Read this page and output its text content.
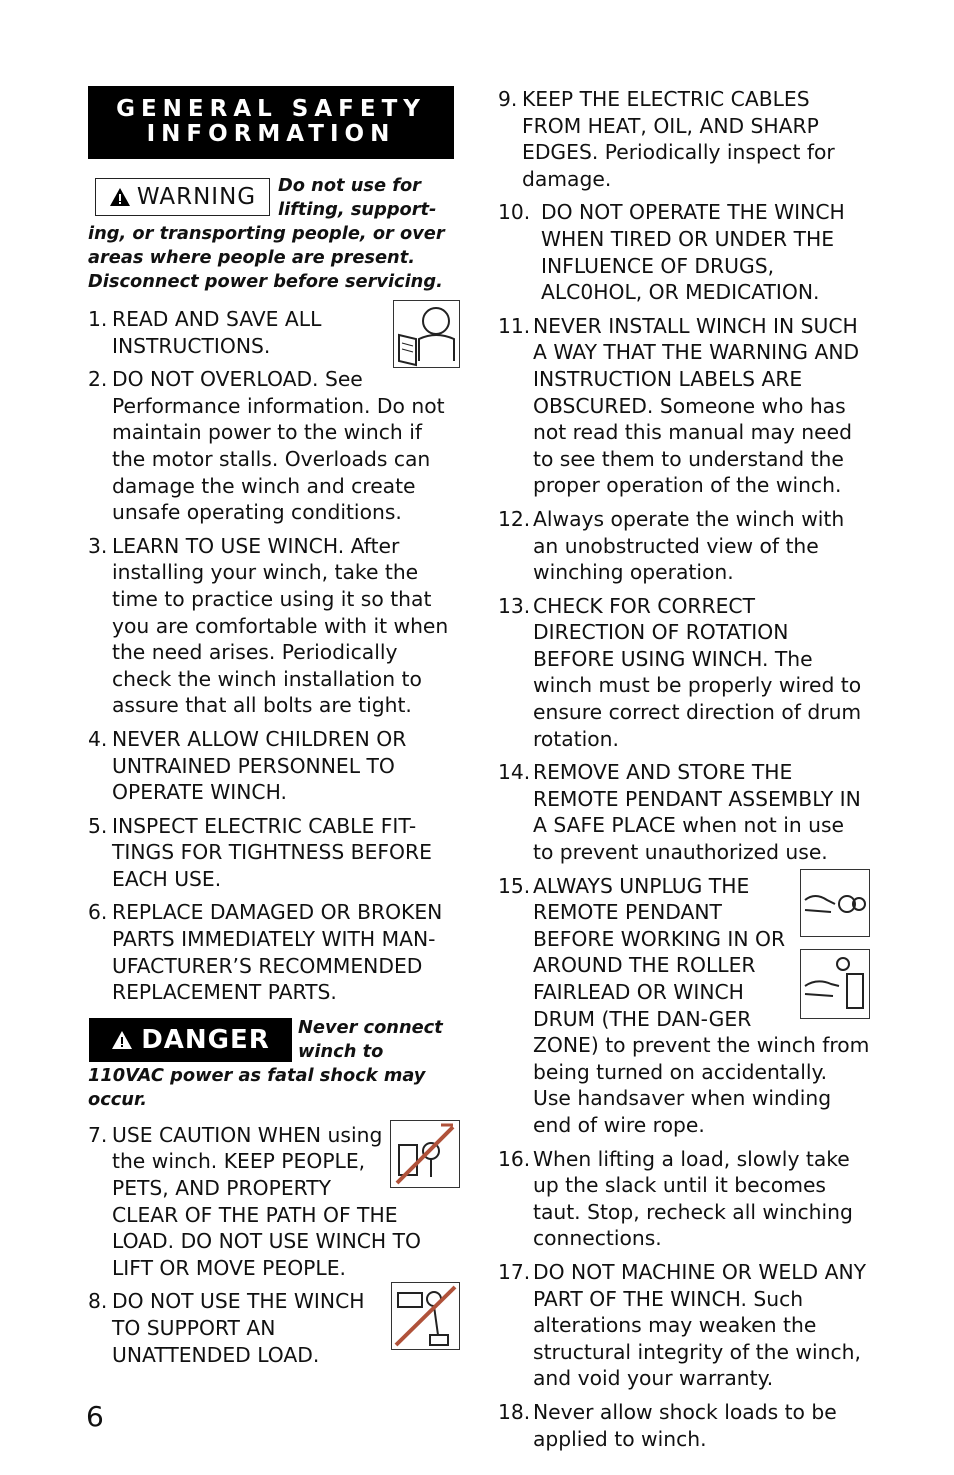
GENERAL SAFETY
INFORMATION
WARNING Do not use for lifting, support-ing, or transporting people, or over areas where people are present. Disconnect power before servicing.
1. READ AND SAVE ALL INSTRUCTIONS.
2. DO NOT OVERLOAD. See Performance information. Do not maintain power to the winch if the motor stalls. Overloads can damage the winch and create unsafe operating conditions.
3. LEARN TO USE WINCH. After installing your winch, take the time to practice using it so that you are comfortable with it when the need arises. Periodically check the winch installation to assure that all bolts are tight.
4. NEVER ALLOW CHILDREN OR UNTRAINED PERSONNEL TO OPERATE WINCH.
5. INSPECT ELECTRIC CABLE FIT-TINGS FOR TIGHTNESS BEFORE EACH USE.
6. REPLACE DAMAGED OR BROKEN PARTS IMMEDIATELY WITH MAN-UFACTURER’S RECOMMENDED REPLACEMENT PARTS.
DANGER Never connect winch to 110VAC power as fatal shock may occur.
7. USE CAUTION WHEN using the winch. KEEP PEOPLE, PETS, AND PROPERTY CLEAR OF THE PATH OF THE LOAD. DO NOT USE WINCH TO LIFT OR MOVE PEOPLE.
8. DO NOT USE THE WINCH TO SUPPORT AN UNATTENDED LOAD.
9. KEEP THE ELECTRIC CABLES FROM HEAT, OIL, AND SHARP EDGES. Periodically inspect for damage.
10. DO NOT OPERATE THE WINCH WHEN TIRED OR UNDER THE INFLUENCE OF DRUGS, ALC0HOL, OR MEDICATION.
11. NEVER INSTALL WINCH IN SUCH A WAY THAT THE WARNING AND INSTRUCTION LABELS ARE OBSCURED. Someone who has not read this manual may need to see them to understand the proper operation of the winch.
12. Always operate the winch with an unobstructed view of the winching operation.
13. CHECK FOR CORRECT DIRECTION OF ROTATION BEFORE USING WINCH. The winch must be properly wired to ensure correct direction of drum rotation.
14. REMOVE AND STORE THE REMOTE PENDANT ASSEMBLY IN A SAFE PLACE when not in use to prevent unauthorized use.
15. ALWAYS UNPLUG THE REMOTE PENDANT BEFORE WORKING IN OR AROUND THE ROLLER FAIRLEAD OR WINCH DRUM (THE DAN-GER ZONE) to prevent the winch from being turned on accidentally. Use handsaver when winding end of wire rope.
16. When lifting a load, slowly take up the slack until it becomes taut. Stop, recheck all winching connections.
17. DO NOT MACHINE OR WELD ANY PART OF THE WINCH. Such alterations may weaken the structural integrity of the winch, and void your warranty.
18. Never allow shock loads to be applied to winch.
6
